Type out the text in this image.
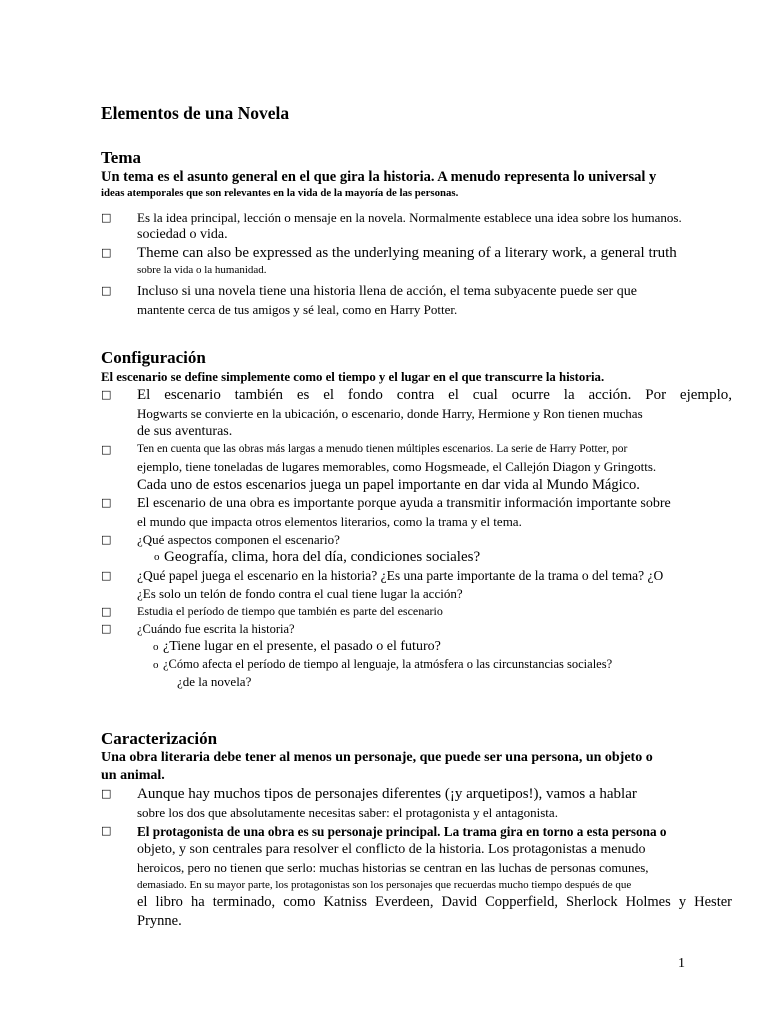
Elementos de una Novela
Tema
Un tema es el asunto general en el que gira la historia. A menudo representa lo universal y
ideas atemporales que son relevantes en la vida de la mayoría de las personas.
□	Es la idea principal, lección o mensaje en la novela. Normalmente establece una idea sobre los humanos.
sociedad o vida.
□	Theme can also be expressed as the underlying meaning of a literary work, a general truth
sobre la vida o la humanidad.
□	Incluso si una novela tiene una historia llena de acción, el tema subyacente puede ser que
mantente cerca de tus amigos y sé leal, como en Harry Potter.
Configuración
El escenario se define simplemente como el tiempo y el lugar en el que transcurre la historia.
□	El escenario también es el fondo contra el cual ocurre la acción. Por ejemplo,
Hogwarts se convierte en la ubicación, o escenario, donde Harry, Hermione y Ron tienen muchas
de sus aventuras.
□	Ten en cuenta que las obras más largas a menudo tienen múltiples escenarios. La serie de Harry Potter, por
ejemplo, tiene toneladas de lugares memorables, como Hogsmeade, el Callejón Diagon y Gringotts.
Cada uno de estos escenarios juega un papel importante en dar vida al Mundo Mágico.
□	El escenario de una obra es importante porque ayuda a transmitir información importante sobre
el mundo que impacta otros elementos literarios, como la trama y el tema.
□	¿Qué aspectos componen el escenario?
o Geografía, clima, hora del día, condiciones sociales?
□	¿Qué papel juega el escenario en la historia? ¿Es una parte importante de la trama o del tema? ¿O
¿Es solo un telón de fondo contra el cual tiene lugar la acción?
□	Estudia el período de tiempo que también es parte del escenario
□	¿Cuándo fue escrita la historia?
o ¿Tiene lugar en el presente, el pasado o el futuro?
o ¿Cómo afecta el período de tiempo al lenguaje, la atmósfera o las circunstancias sociales?
¿de la novela?
Caracterización
Una obra literaria debe tener al menos un personaje, que puede ser una persona, un objeto o
un animal.
□	Aunque hay muchos tipos de personajes diferentes (¡y arquetipos!), vamos a hablar
sobre los dos que absolutamente necesitas saber: el protagonista y el antagonista.
□	El protagonista de una obra es su personaje principal. La trama gira en torno a esta persona o
objeto, y son centrales para resolver el conflicto de la historia. Los protagonistas a menudo
heroicos, pero no tienen que serlo: muchas historias se centran en las luchas de personas comunes,
demasiado. En su mayor parte, los protagonistas son los personajes que recuerdas mucho tiempo después de que
el libro ha terminado, como Katniss Everdeen, David Copperfield, Sherlock Holmes y Hester
Prynne.
1
